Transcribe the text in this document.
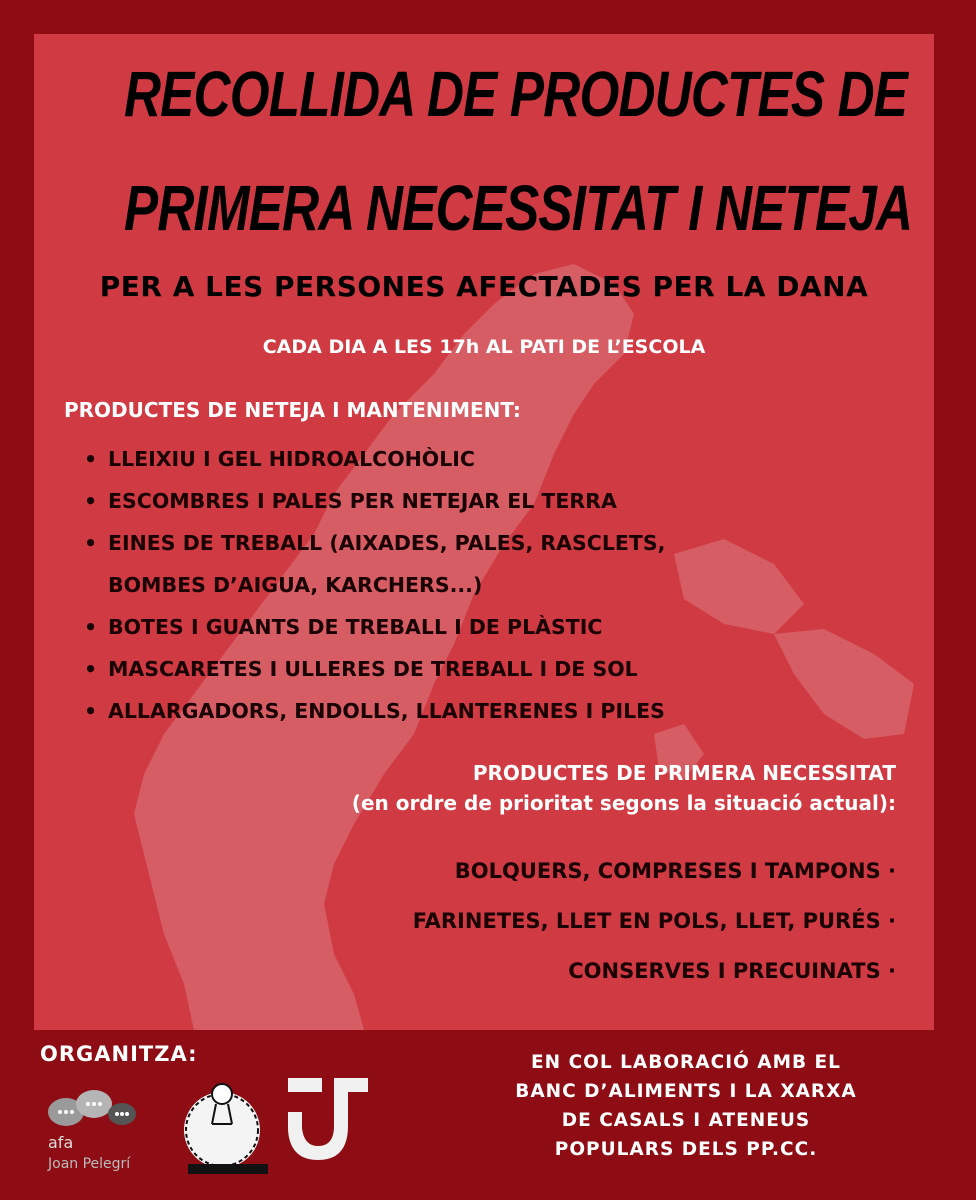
RECOLLIDA DE PRODUCTES DE
PRIMERA NECESSITAT I NETEJA
PER A LES PERSONES AFECTADES PER LA DANA
CADA DIA A LES 17h AL PATI DE L’ESCOLA
PRODUCTES DE NETEJA I MANTENIMENT:
• LLEIXIU I GEL HIDROALCOHÒLIC
• ESCOMBRES I PALES PER NETEJAR EL TERRA
• EINES DE TREBALL (AIXADES, PALES, RASCLETS,
BOMBES D’AIGUA, KARCHERS...)
• BOTES I GUANTS DE TREBALL I DE PLÀSTIC
• MASCARETES I ULLERES DE TREBALL I DE SOL
• ALLARGADORS, ENDOLLS, LLANTERENES I PILES
PRODUCTES DE PRIMERA NECESSITAT
(en ordre de prioritat segons la situació actual):
BOLQUERS, COMPRESES I TAMPONS ·
FARINETES, LLET EN POLS, LLET, PURÉS ·
CONSERVES I PRECUINATS ·
ORGANITZA:
afa
Joan Pelegrí
EN COL LABORACIÓ AMB EL
BANC D’ALIMENTS I LA XARXA
DE CASALS I ATENEUS
POPULARS DELS PP.CC.
